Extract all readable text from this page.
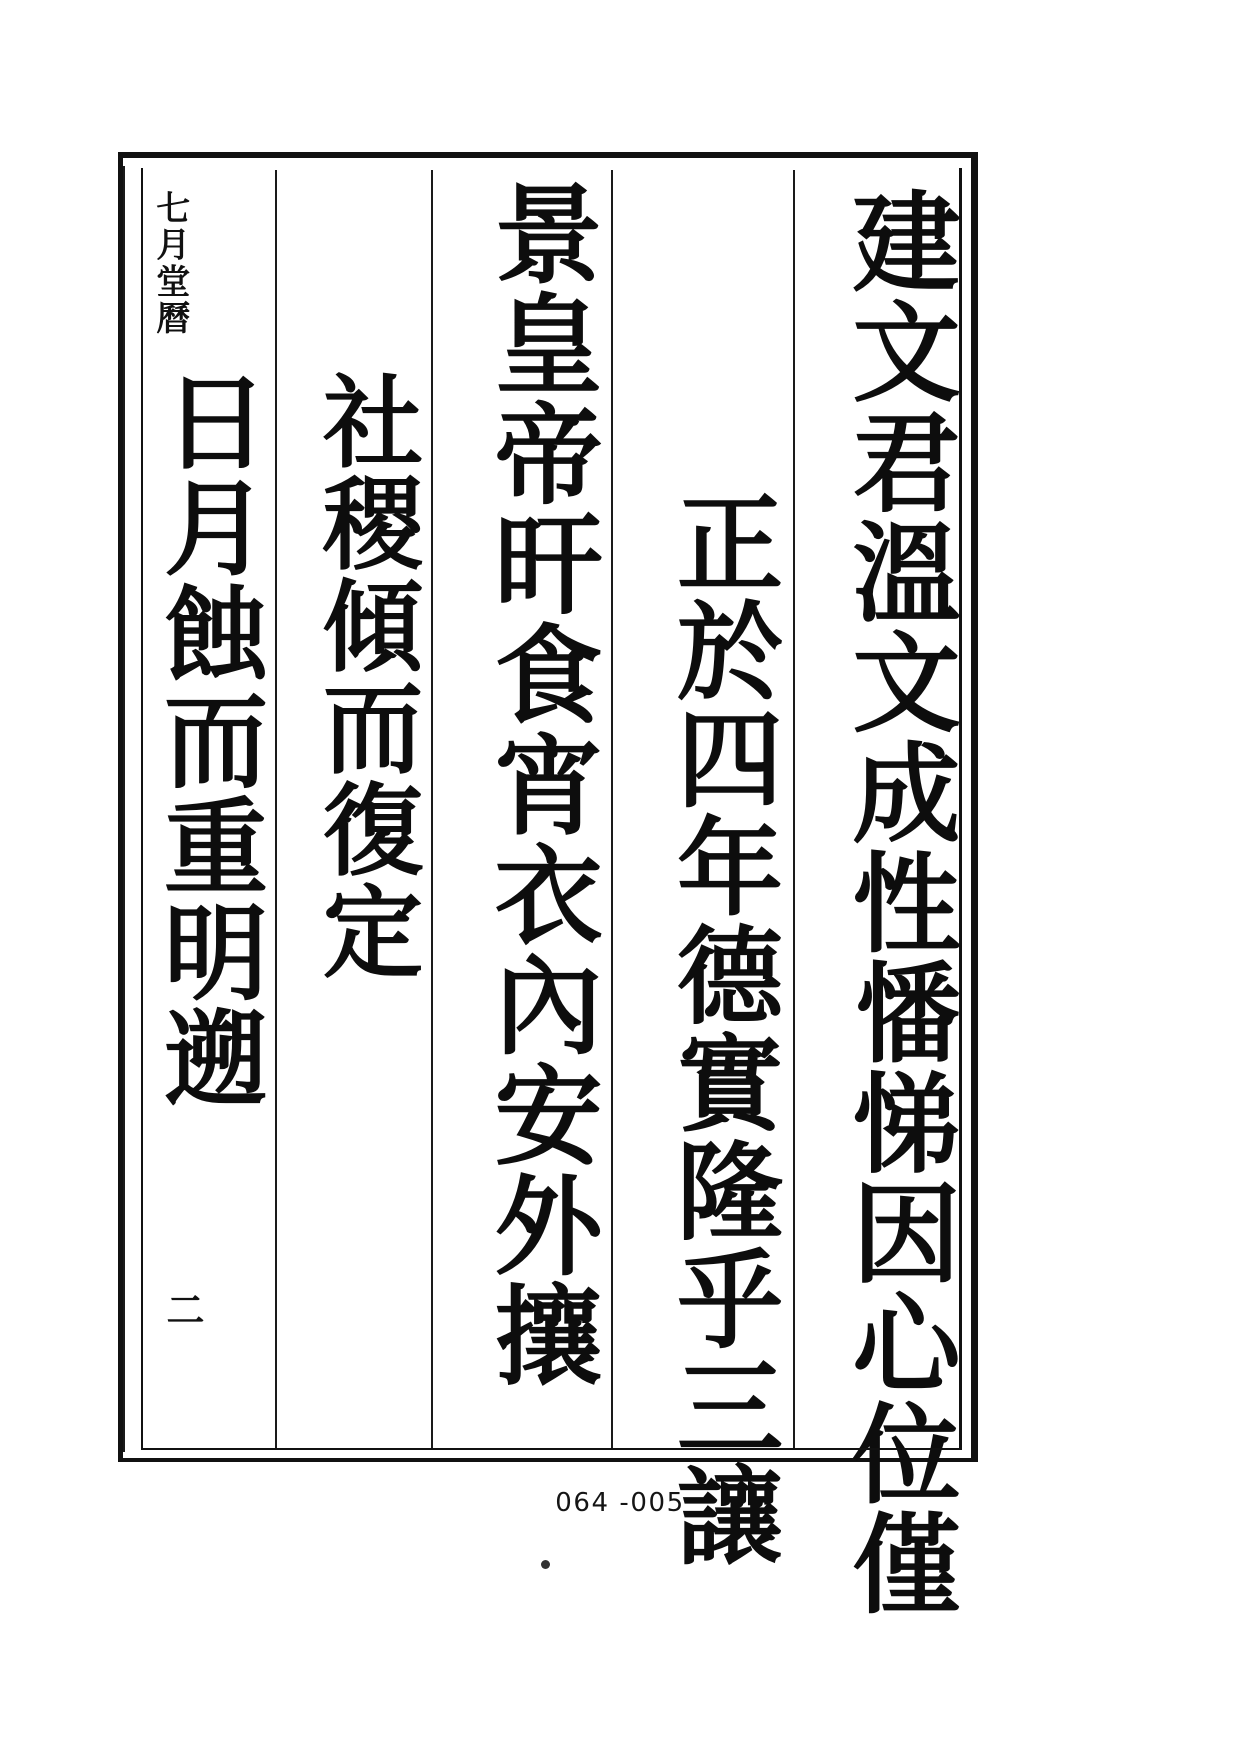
建文君溫文成性憣悌因心位僅
正於四年德實隆乎三讓
景皇帝旰食宵衣內安外攘
社稷傾而復定
日月蝕而重明遡
七月堂曆
二
064 -005
